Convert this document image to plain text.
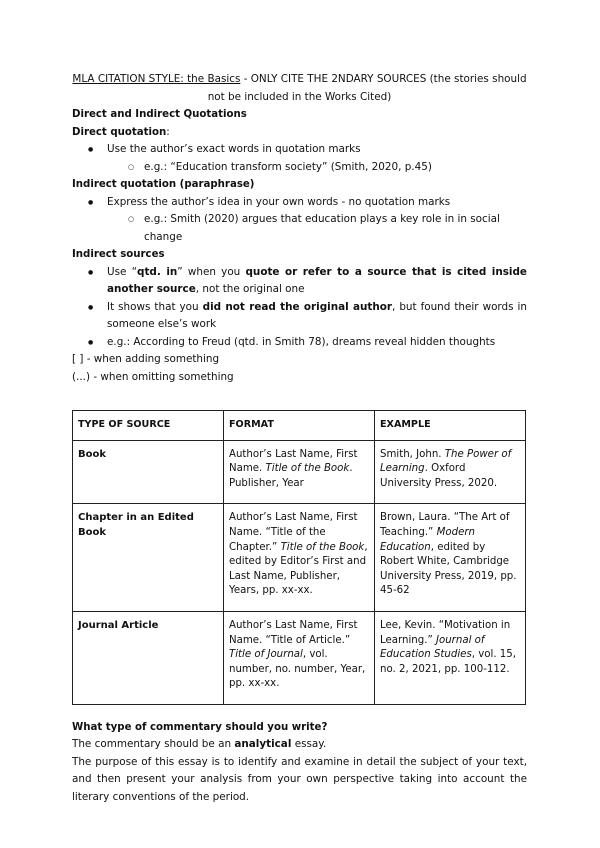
MLA CITATION STYLE: the Basics - ONLY CITE THE 2NDARY SOURCES (the stories should not be included in the Works Cited)

Direct and Indirect Quotations

Direct quotation:

● Use the author’s exact words in quotation marks
○ e.g.: “Education transform society” (Smith, 2020, p.45)

Indirect quotation (paraphrase)

● Express the author’s idea in your own words - no quotation marks
○ e.g.: Smith (2020) argues that education plays a key role in in social change

Indirect sources

● Use “qtd. in” when you quote or refer to a source that is cited inside another source, not the original one
● It shows that you did not read the original author, but found their words in someone else’s work
● e.g.: According to Freud (qtd. in Smith 78), dreams reveal hidden thoughts

[ ] - when adding something

(...) - when omitting something

TYPE OF SOURCE	FORMAT	EXAMPLE
Book	Author’s Last Name, First Name. Title of the Book. Publisher, Year	Smith, John. The Power of Learning. Oxford University Press, 2020.
Chapter in an Edited Book	Author’s Last Name, First Name. “Title of the Chapter.” Title of the Book, edited by Editor’s First and Last Name, Publisher, Years, pp. xx-xx.	Brown, Laura. “The Art of Teaching.” Modern Education, edited by Robert White, Cambridge University Press, 2019, pp. 45-62
Journal Article	Author’s Last Name, First Name. “Title of Article.” Title of Journal, vol. number, no. number, Year, pp. xx-xx.	Lee, Kevin. “Motivation in Learning.” Journal of Education Studies, vol. 15, no. 2, 2021, pp. 100-112.

What type of commentary should you write?

The commentary should be an analytical essay.

The purpose of this essay is to identify and examine in detail the subject of your text, and then present your analysis from your own perspective taking into account the literary conventions of the period.
